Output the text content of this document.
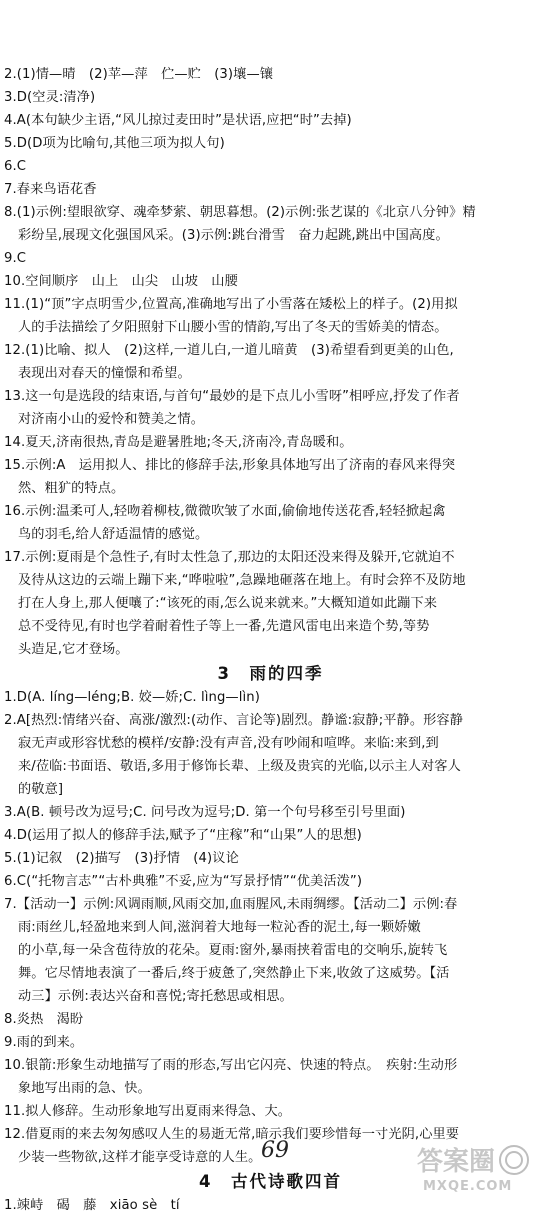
2.(1)情—晴　(2)苹—萍　伫—贮　(3)壤—镶
3.D(空灵:清净)
4.A(本句缺少主语,“风儿掠过麦田时”是状语,应把“时”去掉)
5.D(D项为比喻句,其他三项为拟人句)
6.C
7.春来鸟语花香
8.(1)示例:望眼欲穿、魂牵梦萦、朝思暮想。(2)示例:张艺谋的《北京八分钟》精
彩纷呈,展现文化强国风采。(3)示例:跳台滑雪　奋力起跳,跳出中国高度。
9.C
10.空间顺序　山上　山尖　山坡　山腰
11.(1)“顶”字点明雪少,位置高,准确地写出了小雪落在矮松上的样子。(2)用拟
人的手法描绘了夕阳照射下山腰小雪的情韵,写出了冬天的雪娇美的情态。
12.(1)比喻、拟人　(2)这样,一道儿白,一道儿暗黄　(3)希望看到更美的山色,
表现出对春天的憧憬和希望。
13.这一句是选段的结束语,与首句“最妙的是下点儿小雪呀”相呼应,抒发了作者
对济南小山的爱怜和赞美之情。
14.夏天,济南很热,青岛是避暑胜地;冬天,济南冷,青岛暖和。
15.示例:A　运用拟人、排比的修辞手法,形象具体地写出了济南的春风来得突
然、粗犷的特点。
16.示例:温柔可人,轻吻着柳枝,微微吹皱了水面,偷偷地传送花香,轻轻掀起禽
鸟的羽毛,给人舒适温情的感觉。
17.示例:夏雨是个急性子,有时太性急了,那边的太阳还没来得及躲开,它就迫不
及待从这边的云端上蹦下来,“哗啦啦”,急躁地砸落在地上。有时会猝不及防地
打在人身上,那人便嚷了:“该死的雨,怎么说来就来。”大概知道如此蹦下来
总不受待见,有时也学着耐着性子等上一番,先遣风雷电出来造个势,等势
头造足,它才登场。
3　雨的四季
1.D(A. líng—léng;B. 姣—娇;C. lìng—lìn)
2.A[热烈:情绪兴奋、高涨/激烈:(动作、言论等)剧烈。静谧:寂静;平静。形容静
寂无声或形容忧愁的模样/安静:没有声音,没有吵闹和喧哗。来临:来到,到
来/莅临:书面语、敬语,多用于修饰长辈、上级及贵宾的光临,以示主人对客人
的敬意]
3.A(B. 顿号改为逗号;C. 问号改为逗号;D. 第一个句号移至引号里面)
4.D(运用了拟人的修辞手法,赋予了“庄稼”和“山果”人的思想)
5.(1)记叙　(2)描写　(3)抒情　(4)议论
6.C(“托物言志”“古朴典雅”不妥,应为“写景抒情”“优美活泼”)
7.【活动一】示例:风调雨顺,风雨交加,血雨腥风,未雨绸缪。【活动二】示例:春
雨:雨丝儿,轻盈地来到人间,滋润着大地每一粒沁香的泥土,每一颗娇嫩
的小草,每一朵含苞待放的花朵。夏雨:窗外,暴雨挟着雷电的交响乐,旋转飞
舞。它尽情地表演了一番后,终于疲惫了,突然静止下来,收敛了这威势。【活
动三】示例:表达兴奋和喜悦;寄托愁思或相思。
8.炎热　渴盼
9.雨的到来。
10.银箭:形象生动地描写了雨的形态,写出它闪亮、快速的特点。　疾射:生动形
象地写出雨的急、快。
11.拟人修辞。生动形象地写出夏雨来得急、大。
12.借夏雨的来去匆匆感叹人生的易逝无常,暗示我们要珍惜每一寸光阴,心里要
少装一些物欲,这样才能享受诗意的人生。
4　古代诗歌四首
1.竦峙　碣　藤　xiāo sè　tí
69	答案圈
MXQE.COM
